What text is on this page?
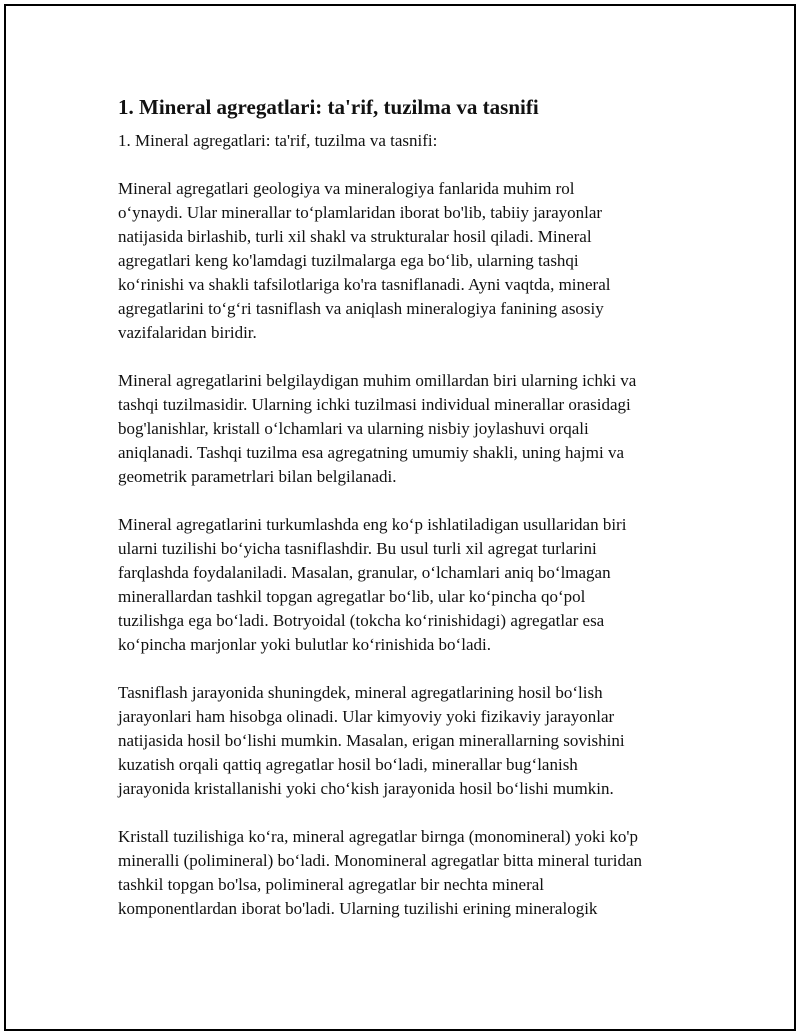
1. Mineral agregatlari: ta'rif, tuzilma va tasnifi

1. Mineral agregatlari: ta'rif, tuzilma va tasnifi:

Mineral agregatlari geologiya va mineralogiya fanlarida muhim rol
oʻynaydi. Ular minerallar toʻplamlaridan iborat bo'lib, tabiiy jarayonlar
natijasida birlashib, turli xil shakl va strukturalar hosil qiladi. Mineral
agregatlari keng ko'lamdagi tuzilmalarga ega boʻlib, ularning tashqi
koʻrinishi va shakli tafsilotlariga ko'ra tasniflanadi. Ayni vaqtda, mineral
agregatlarini toʻgʻri tasniflash va aniqlash mineralogiya fanining asosiy
vazifalaridan biridir.

Mineral agregatlarini belgilaydigan muhim omillardan biri ularning ichki va
tashqi tuzilmasidir. Ularning ichki tuzilmasi individual minerallar orasidagi
bog'lanishlar, kristall oʻlchamlari va ularning nisbiy joylashuvi orqali
aniqlanadi. Tashqi tuzilma esa agregatning umumiy shakli, uning hajmi va
geometrik parametrlari bilan belgilanadi.

Mineral agregatlarini turkumlashda eng koʻp ishlatiladigan usullaridan biri
ularni tuzilishi boʻyicha tasniflashdir. Bu usul turli xil agregat turlarini
farqlashda foydalaniladi. Masalan, granular, oʻlchamlari aniq boʻlmagan
minerallardan tashkil topgan agregatlar boʻlib, ular koʻpincha qoʻpol
tuzilishga ega boʻladi. Botryoidal (tokcha koʻrinishidagi) agregatlar esa
koʻpincha marjonlar yoki bulutlar koʻrinishida boʻladi.

Tasniflash jarayonida shuningdek, mineral agregatlarining hosil boʻlish
jarayonlari ham hisobga olinadi. Ular kimyoviy yoki fizikaviy jarayonlar
natijasida hosil boʻlishi mumkin. Masalan, erigan minerallarning sovishini
kuzatish orqali qattiq agregatlar hosil boʻladi, minerallar bugʻlanish
jarayonida kristallanishi yoki choʻkish jarayonida hosil boʻlishi mumkin.

Kristall tuzilishiga koʻra, mineral agregatlar birnga (monomineral) yoki ko'p
mineralli (polimineral) boʻladi. Monomineral agregatlar bitta mineral turidan
tashkil topgan bo'lsa, polimineral agregatlar bir nechta mineral
komponentlardan iborat bo'ladi. Ularning tuzilishi erining mineralogik
